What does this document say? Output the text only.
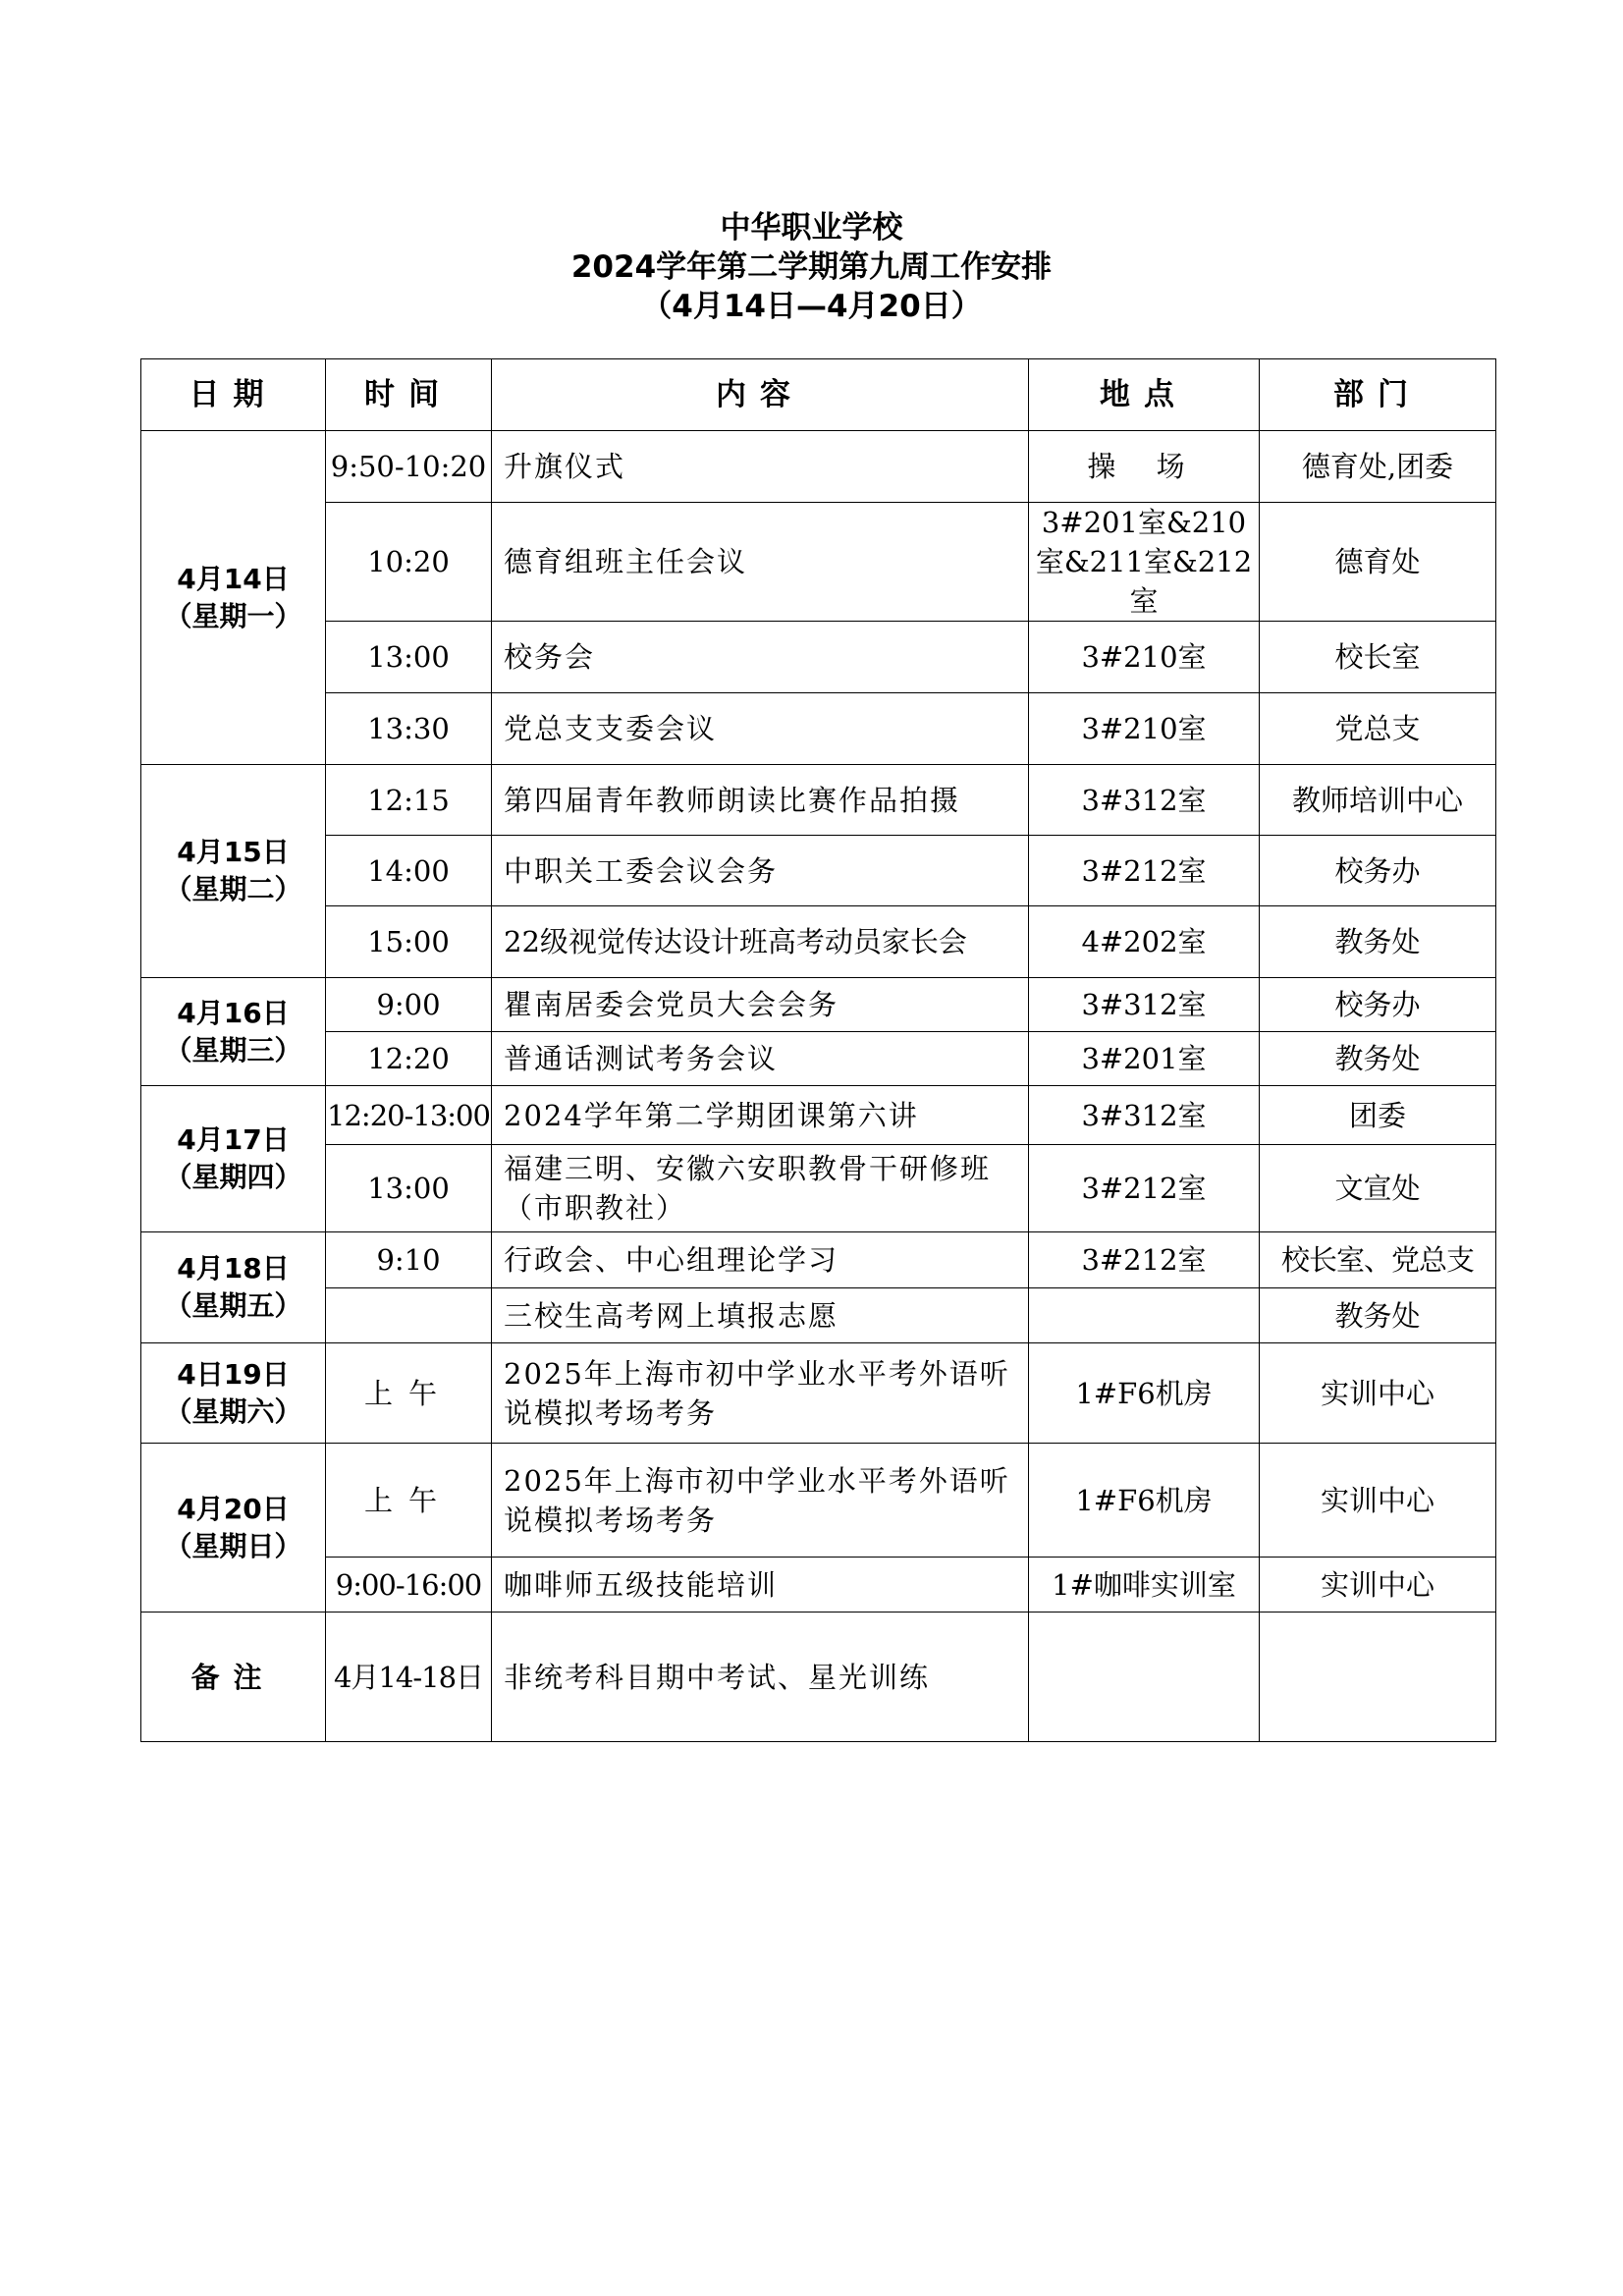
中华职业学校
2024学年第二学期第九周工作安排
（4月14日—4月20日）
日期	时间	内容	地点	部门

4月14日
（星期一）	9:50-10:20	升旗仪式	操 场	德育处,团委
	10:20	德育组班主任会议	3#201室&210室&211室&212室	德育处
	13:00	校务会	3#210室	校长室
	13:30	党总支支委会议	3#210室	党总支

4月15日
（星期二）	12:15	第四届青年教师朗读比赛作品拍摄	3#312室	教师培训中心
	14:00	中职关工委会议会务	3#212室	校务办
	15:00	22级视觉传达设计班高考动员家长会	4#202室	教务处

4月16日
（星期三）	9:00	瞿南居委会党员大会会务	3#312室	校务办
	12:20	普通话测试考务会议	3#201室	教务处

4月17日
（星期四）	12:20-13:00	2024学年第二学期团课第六讲	3#312室	团委
	13:00	福建三明、安徽六安职教骨干研修班（市职教社）	3#212室	文宣处

4月18日
（星期五）	9:10	行政会、中心组理论学习	3#212室	校长室、党总支
		三校生高考网上填报志愿		教务处

4日19日
（星期六）	上午	2025年上海市初中学业水平考外语听说模拟考场考务	1#F6机房	实训中心

4月20日
（星期日）	上午	2025年上海市初中学业水平考外语听说模拟考场考务	1#F6机房	实训中心
	9:00-16:00	咖啡师五级技能培训	1#咖啡实训室	实训中心
备注	4月14-18日	非统考科目期中考试、星光训练		
